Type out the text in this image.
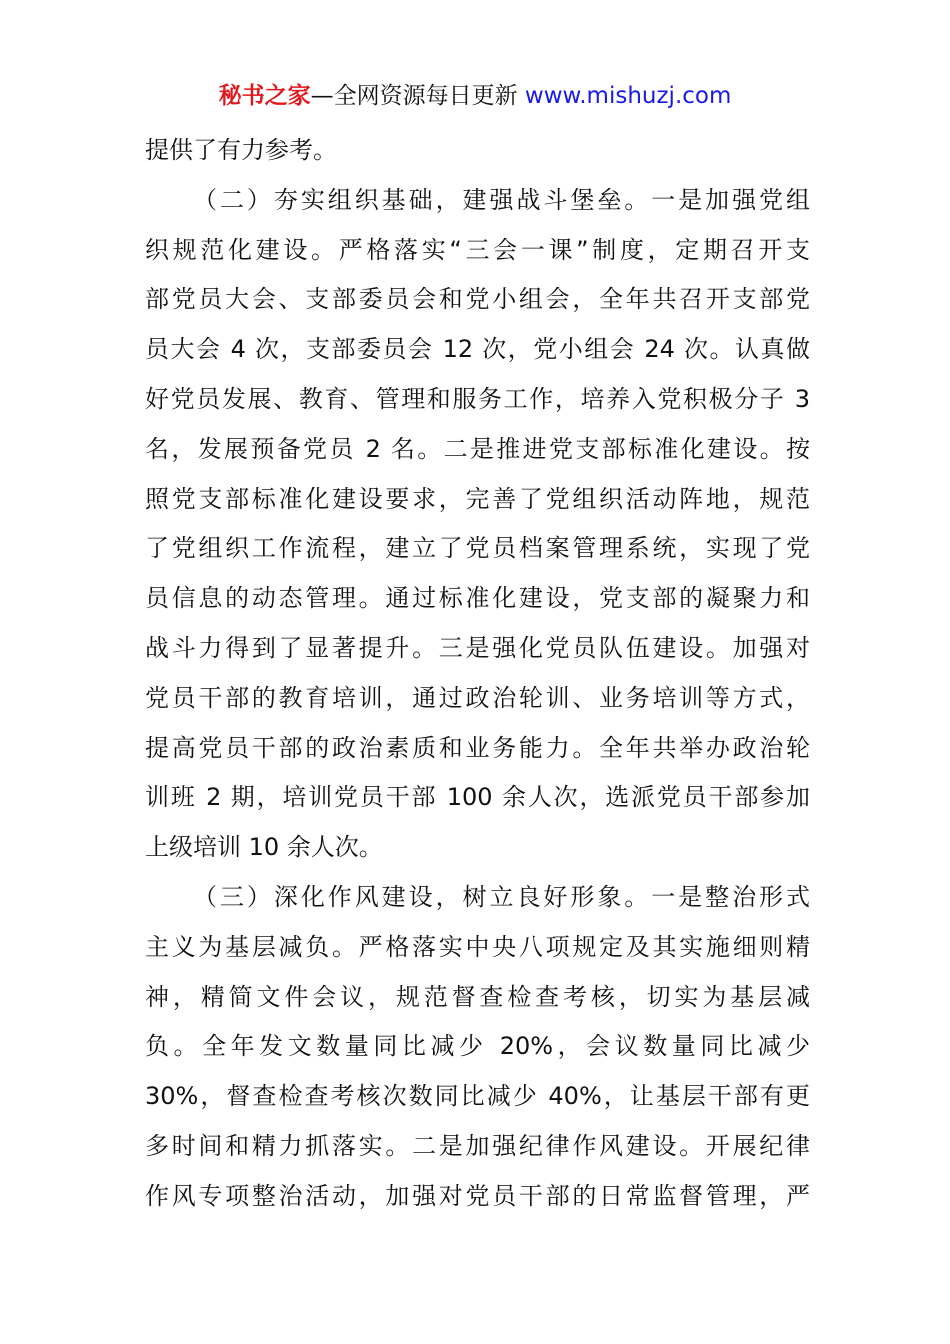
秘书之家—全网资源每日更新 www.mishuzj.com
提供了有力参考。
（二）夯实组织基础，建强战斗堡垒。一是加强党组
织规范化建设。严格落实“三会一课”制度，定期召开支
部党员大会、支部委员会和党小组会，全年共召开支部党
员大会 4 次，支部委员会 12 次，党小组会 24 次。认真做
好党员发展、教育、管理和服务工作，培养入党积极分子 3
名，发展预备党员 2 名。二是推进党支部标准化建设。按
照党支部标准化建设要求，完善了党组织活动阵地，规范
了党组织工作流程，建立了党员档案管理系统，实现了党
员信息的动态管理。通过标准化建设，党支部的凝聚力和
战斗力得到了显著提升。三是强化党员队伍建设。加强对
党员干部的教育培训，通过政治轮训、业务培训等方式，
提高党员干部的政治素质和业务能力。全年共举办政治轮
训班 2 期，培训党员干部 100 余人次，选派党员干部参加
上级培训 10 余人次。
（三）深化作风建设，树立良好形象。一是整治形式
主义为基层减负。严格落实中央八项规定及其实施细则精
神，精简文件会议，规范督查检查考核，切实为基层减
负。全年发文数量同比减少 20%，会议数量同比减少
30%，督查检查考核次数同比减少 40%，让基层干部有更
多时间和精力抓落实。二是加强纪律作风建设。开展纪律
作风专项整治活动，加强对党员干部的日常监督管理，严
